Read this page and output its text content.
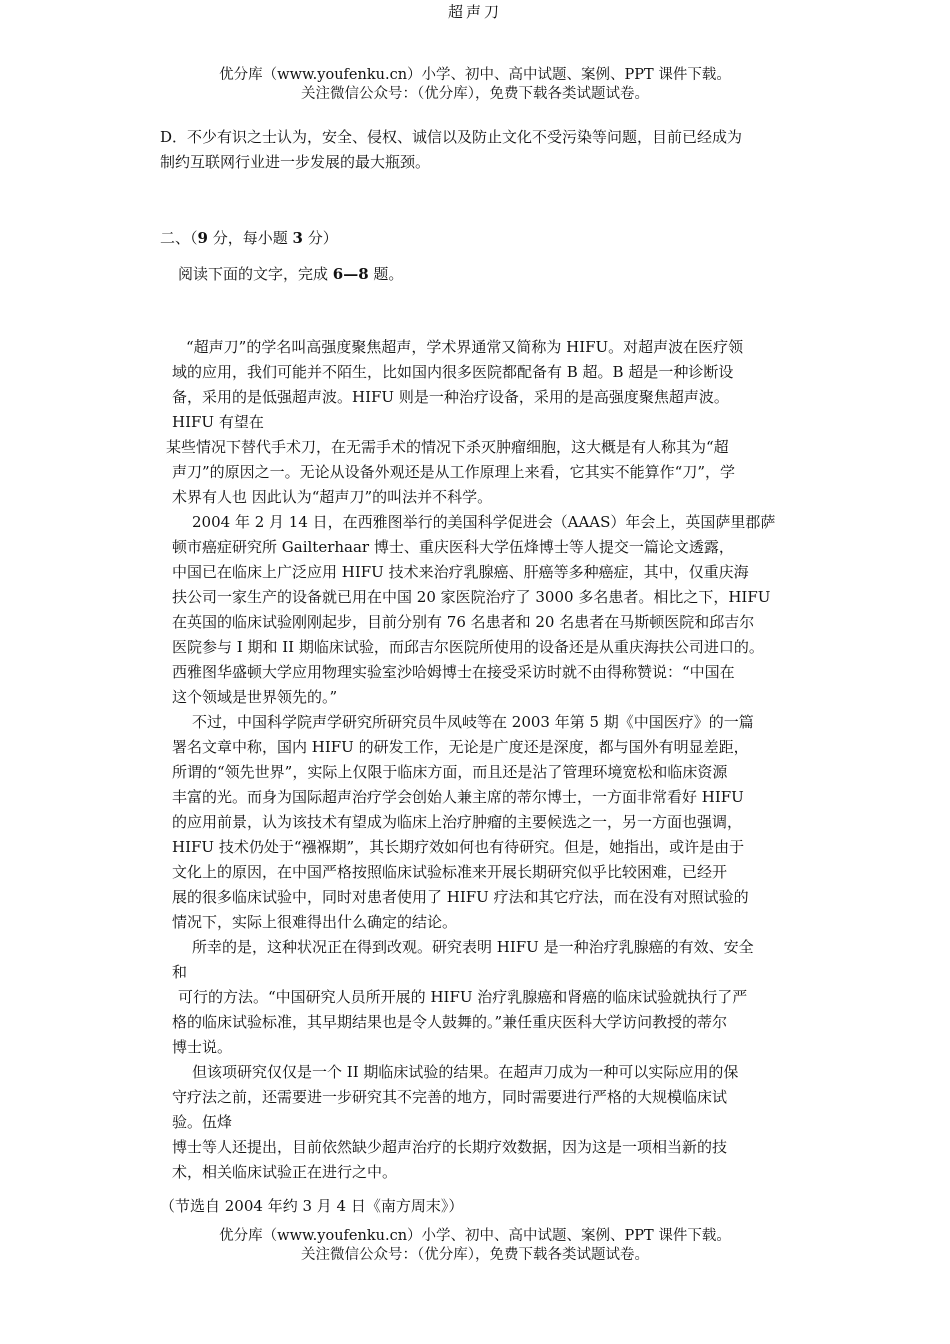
优分库（www.youfenku.cn）小学、初中、高中试题、案例、PPT 课件下载。
关注微信公众号：（优分库），免费下载各类试题试卷。
D．不少有识之士认为，安全、侵权、诚信以及防止文化不受污染等问题，目前已经成为
制约互联网行业进一步发展的最大瓶颈。
二、（9 分，每小题 3 分）
阅读下面的文字，完成 6—8 题。
超声刀
“超声刀”的学名叫高强度聚焦超声，学术界通常又简称为 HIFU。对超声波在医疗领
域的应用，我们可能并不陌生，比如国内很多医院都配备有 B 超。B 超是一种诊断设
备，采用的是低强超声波。HIFU 则是一种治疗设备，采用的是高强度聚焦超声波。
HIFU 有望在
某些情况下替代手术刀，在无需手术的情况下杀灭肿瘤细胞，这大概是有人称其为“超
声刀”的原因之一。无论从设备外观还是从工作原理上来看，它其实不能算作“刀”，学
术界有人也 因此认为“超声刀”的叫法并不科学。
2004 年 2 月 14 日，在西雅图举行的美国科学促进会（AAAS）年会上，英国萨里郡萨
顿市癌症研究所 Gailterhaar 博士、重庆医科大学伍烽博士等人提交一篇论文透露，
中国已在临床上广泛应用 HIFU 技术来治疗乳腺癌、肝癌等多种癌症，其中，仅重庆海
扶公司一家生产的设备就已用在中国 20 家医院治疗了 3000 多名患者。相比之下，HIFU
在英国的临床试验刚刚起步，目前分别有 76 名患者和 20 名患者在马斯顿医院和邱吉尔
医院参与 I 期和 II 期临床试验，而邱吉尔医院所使用的设备还是从重庆海扶公司进口的。
西雅图华盛顿大学应用物理实验室沙哈姆博士在接受采访时就不由得称赞说：“中国在
这个领域是世界领先的。”
不过，中国科学院声学研究所研究员牛凤岐等在 2003 年第 5 期《中国医疗》的一篇
署名文章中称，国内 HIFU 的研发工作，无论是广度还是深度，都与国外有明显差距，
所谓的“领先世界”，实际上仅限于临床方面，而且还是沾了管理环境宽松和临床资源
丰富的光。而身为国际超声治疗学会创始人兼主席的蒂尔博士，一方面非常看好 HIFU
的应用前景，认为该技术有望成为临床上治疗肿瘤的主要候选之一，另一方面也强调，
HIFU 技术仍处于“襁褓期”，其长期疗效如何也有待研究。但是，她指出，或许是由于
文化上的原因，在中国严格按照临床试验标准来开展长期研究似乎比较困难，已经开
展的很多临床试验中，同时对患者使用了 HIFU 疗法和其它疗法，而在没有对照试验的
情况下，实际上很难得出什么确定的结论。
所幸的是，这种状况正在得到改观。研究表明 HIFU 是一种治疗乳腺癌的有效、安全
和
可行的方法。“中国研究人员所开展的 HIFU 治疗乳腺癌和肾癌的临床试验就执行了严
格的临床试验标准，其早期结果也是令人鼓舞的。”兼任重庆医科大学访问教授的蒂尔
博士说。
但该项研究仅仅是一个 II 期临床试验的结果。在超声刀成为一种可以实际应用的保
守疗法之前，还需要进一步研究其不完善的地方，同时需要进行严格的大规模临床试
验。伍烽
博士等人还提出，目前依然缺少超声治疗的长期疗效数据，因为这是一项相当新的技
术，相关临床试验正在进行之中。
（节选自 2004 年约 3 月 4 日《南方周末》）
优分库（www.youfenku.cn）小学、初中、高中试题、案例、PPT 课件下载。
关注微信公众号：（优分库），免费下载各类试题试卷。
